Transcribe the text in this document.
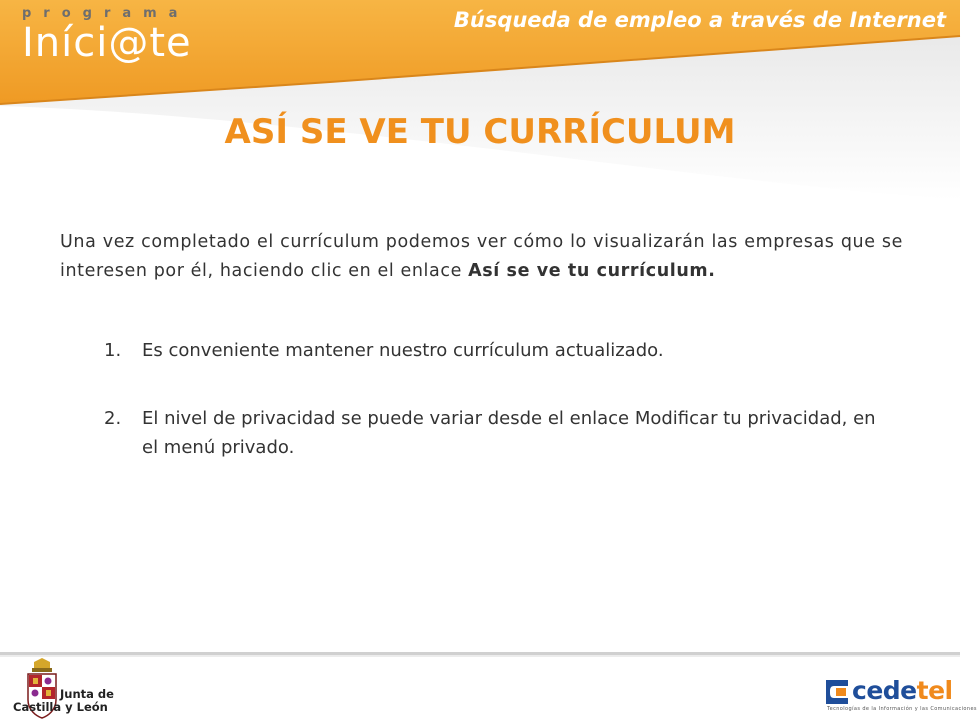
programa
Iníci@te	Búsqueda de empleo a través de Internet
ASÍ SE VE TU CURRÍCULUM
Una vez completado el currículum podemos ver cómo lo visualizarán las empresas que se interesen por él, haciendo clic en el enlace Así se ve tu currículum.
1. Es conveniente mantener nuestro currículum actualizado.
2. El nivel de privacidad se puede variar desde el enlace Modificar tu privacidad, en el menú privado.
Junta de
Castilla y León
cedetel
Tecnologías de la Información y las Comunicaciones
